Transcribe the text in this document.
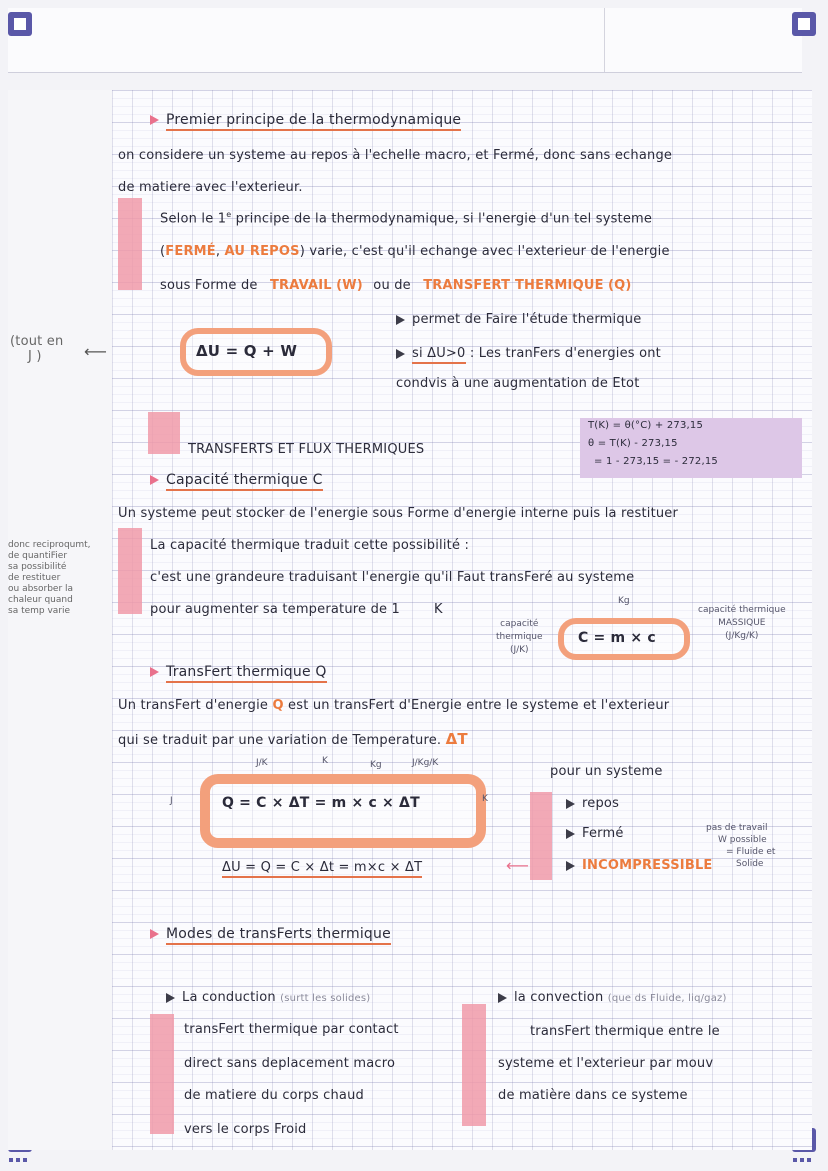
Premier principe de la thermodynamique
on considere un systeme au repos à l'echelle macro, et Fermé, donc sans echange
de matiere avec l'exterieur.
Selon le 1e principe de la thermodynamique, si l'energie d'un tel systeme
(FERMÉ, AU REPOS) varie, c'est qu'il echange avec l'exterieur de l'energie
sous Forme de TRAVAIL (W) ou de TRANSFERT THERMIQUE (Q)
ΔU = Q + W
(tout en
J )	⟵
permet de Faire l'étude thermique
si ΔU>0 : Les tranFers d'energies ont
condvis à une augmentation de Etot
T(K) = θ(°C) + 273,15
θ = T(K) - 273,15
= 1 - 273,15 = - 272,15
TRANSFERTS ET FLUX THERMIQUES
Capacité thermique C
Un systeme peut stocker de l'energie sous Forme d'energie interne puis la restituer
La capacité thermique traduit cette possibilité :
c'est une grandeure traduisant l'energie qu'il Faut transFeré au systeme
pour augmenter sa temperature de 1	K
donc reciproqumt,
de quantiFier
sa possibilité
de restituer
ou absorber la
chaleur quand
sa temp varie
C = m × c
capacité
thermique
(J/K)
Kg
capacité thermique
MASSIQUE
(J/Kg/K)
TransFert thermique Q
Un transFert d'energie Q est un transFert d'Energie entre le systeme et l'exterieur
qui se traduit par une variation de Temperature. ΔT
J/K	K	Kg	J/Kg/K
J	Q = C × ΔT = m × c × ΔT	K
ΔU = Q = C × Δt = m×c × ΔT	⟵
pour un systeme
repos
Fermé
INCOMPRESSIBLE
pas de travail
W possible
= Fluide et
Solide
Modes de transFerts thermique
La conduction (surtt les solides)
transFert thermique par contact
direct sans deplacement macro
de matiere du corps chaud
vers le corps Froid
la convection (que ds Fluide, liq/gaz)
transFert thermique entre le
systeme et l'exterieur par mouv
de matière dans ce systeme
